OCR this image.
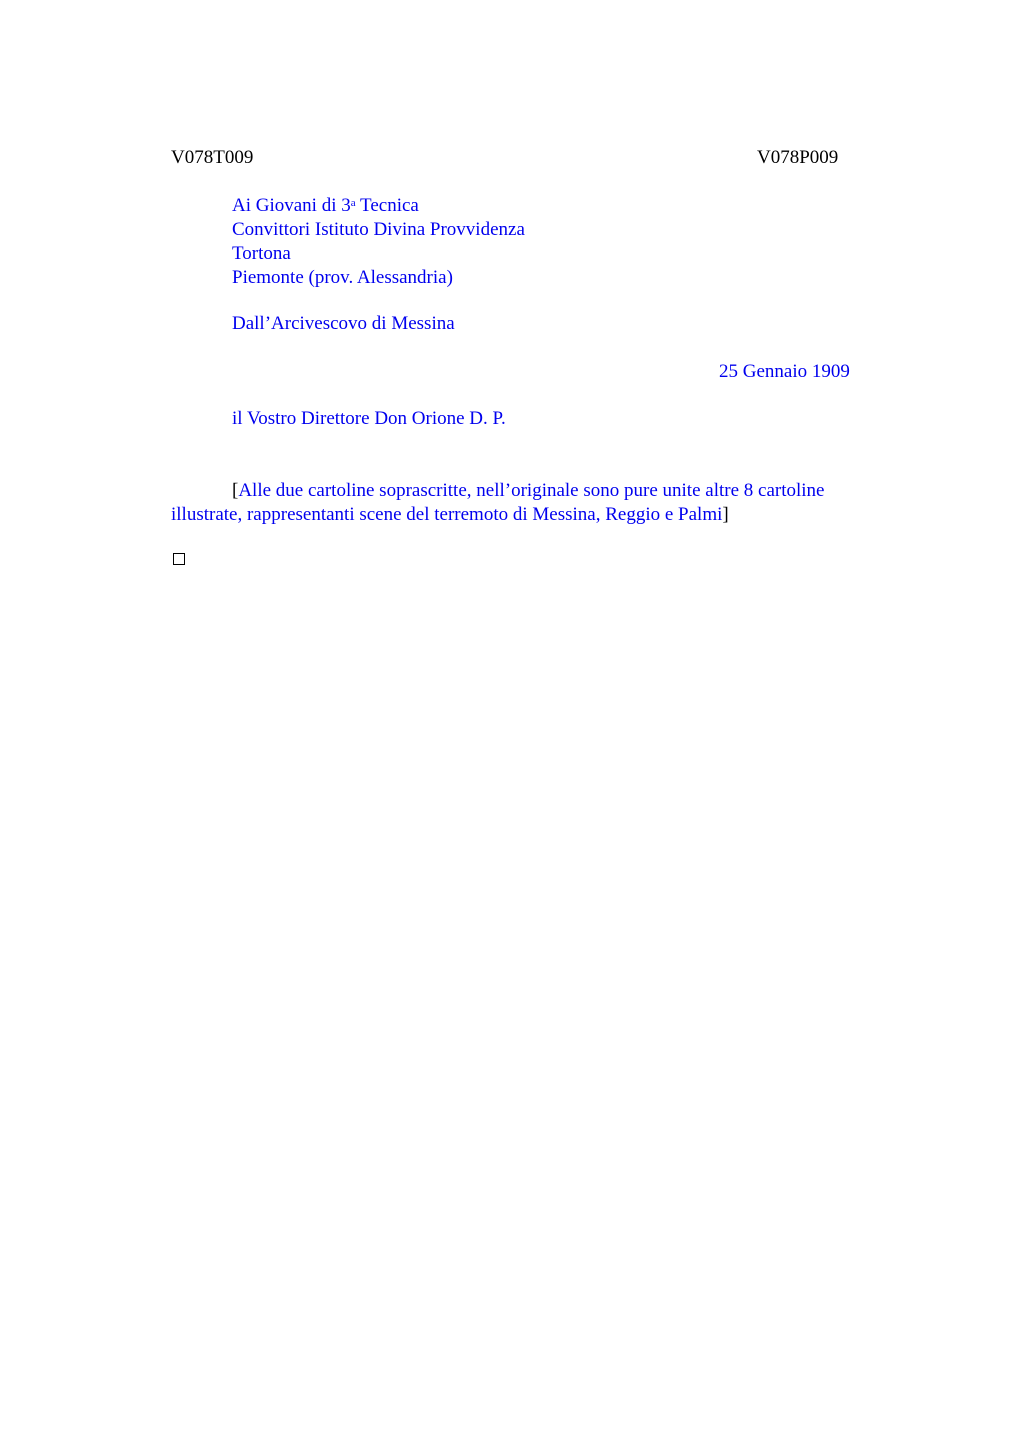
V078T009	V078P009
Ai Giovani di 3$^a$ Tecnica
Convittori Istituto Divina Provvidenza
Tortona
Piemonte (prov. Alessandria)
Dall’Arcivescovo di Messina
25 Gennaio 1909
il Vostro Direttore Don Orione D. P.
[Alle due cartoline soprascritte, nell’originale sono pure unite altre 8 cartoline illustrate, rappresentanti scene del terremoto di Messina, Reggio e Palmi]
